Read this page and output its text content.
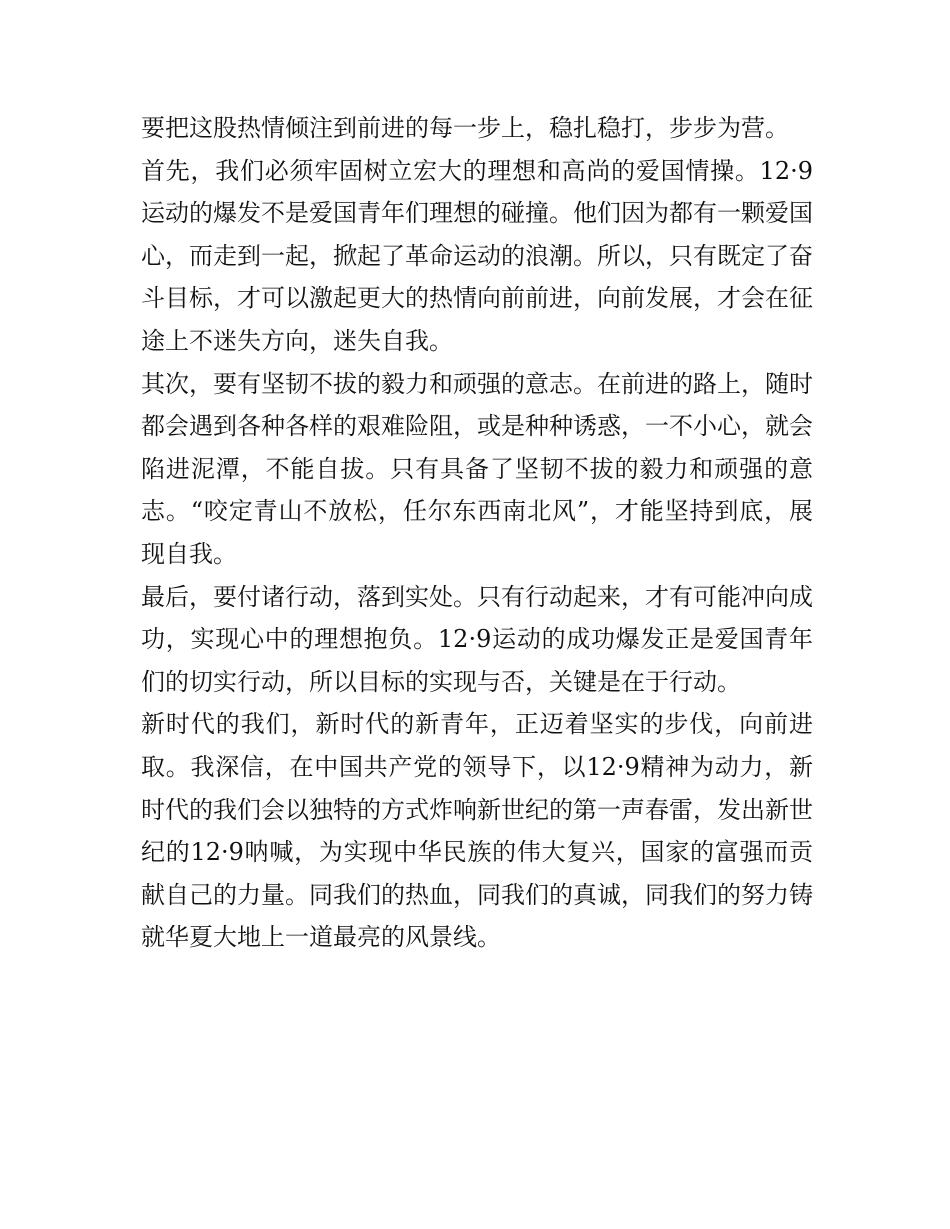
要把这股热情倾注到前进的每一步上，稳扎稳打，步步为营。

首先，我们必须牢固树立宏大的理想和高尚的爱国情操。12·9运动的爆发不是爱国青年们理想的碰撞。他们因为都有一颗爱国心，而走到一起，掀起了革命运动的浪潮。所以，只有既定了奋斗目标，才可以激起更大的热情向前前进，向前发展，才会在征途上不迷失方向，迷失自我。

其次，要有坚韧不拔的毅力和顽强的意志。在前进的路上，随时都会遇到各种各样的艰难险阻，或是种种诱惑，一不小心，就会陷进泥潭，不能自拔。只有具备了坚韧不拔的毅力和顽强的意志。“咬定青山不放松，任尔东西南北风”，才能坚持到底，展现自我。

最后，要付诸行动，落到实处。只有行动起来，才有可能冲向成功，实现心中的理想抱负。12·9运动的成功爆发正是爱国青年们的切实行动，所以目标的实现与否，关键是在于行动。

新时代的我们，新时代的新青年，正迈着坚实的步伐，向前进取。我深信，在中国共产党的领导下，以12·9精神为动力，新时代的我们会以独特的方式炸响新世纪的第一声春雷，发出新世纪的12·9呐喊，为实现中华民族的伟大复兴，国家的富强而贡献自己的力量。同我们的热血，同我们的真诚，同我们的努力铸就华夏大地上一道最亮的风景线。
